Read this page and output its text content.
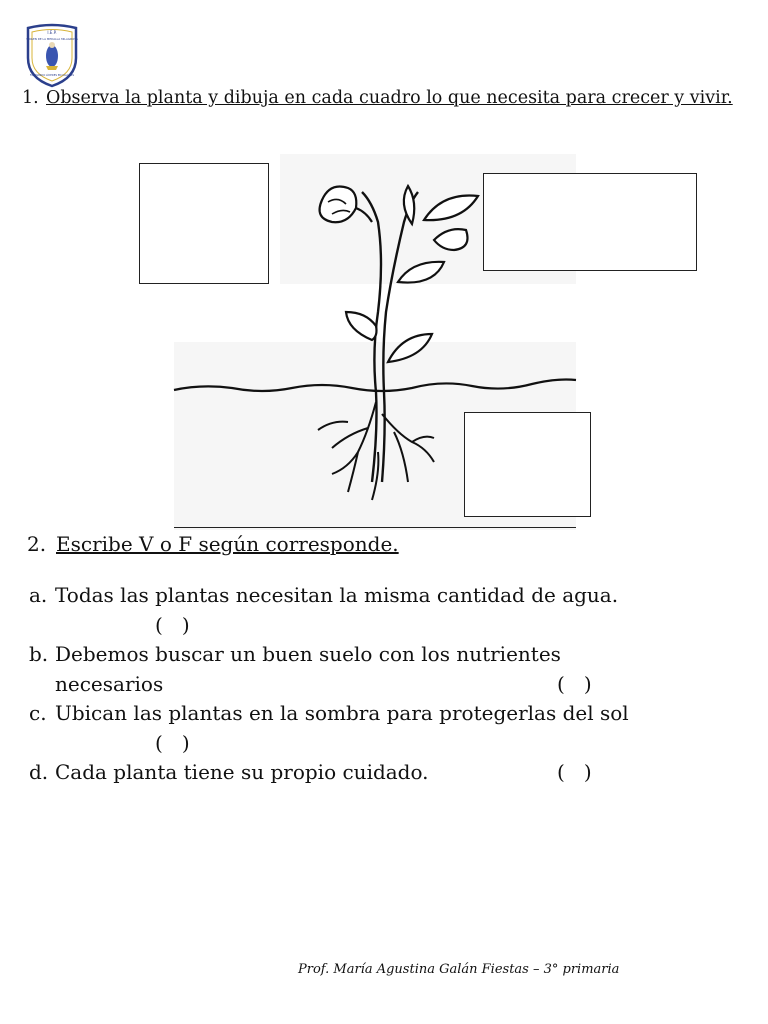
I.E.P.
VIRGEN DE LA MEDALLA MILAGROSA
FORMANDO LÍDERES EN VALORES
1. Observa la planta y dibuja en cada cuadro lo que necesita para crecer y vivir.
2. Escribe V o F según corresponde.
a. Todas las plantas necesitan la misma cantidad de agua.
(   )
b. Debemos buscar un buen suelo con los nutrientes
necesarios	(   )
c. Ubican las plantas en la sombra para protegerlas del sol
(   )
d. Cada planta tiene su propio cuidado.	(   )
Prof. María Agustina Galán Fiestas – 3° primaria
